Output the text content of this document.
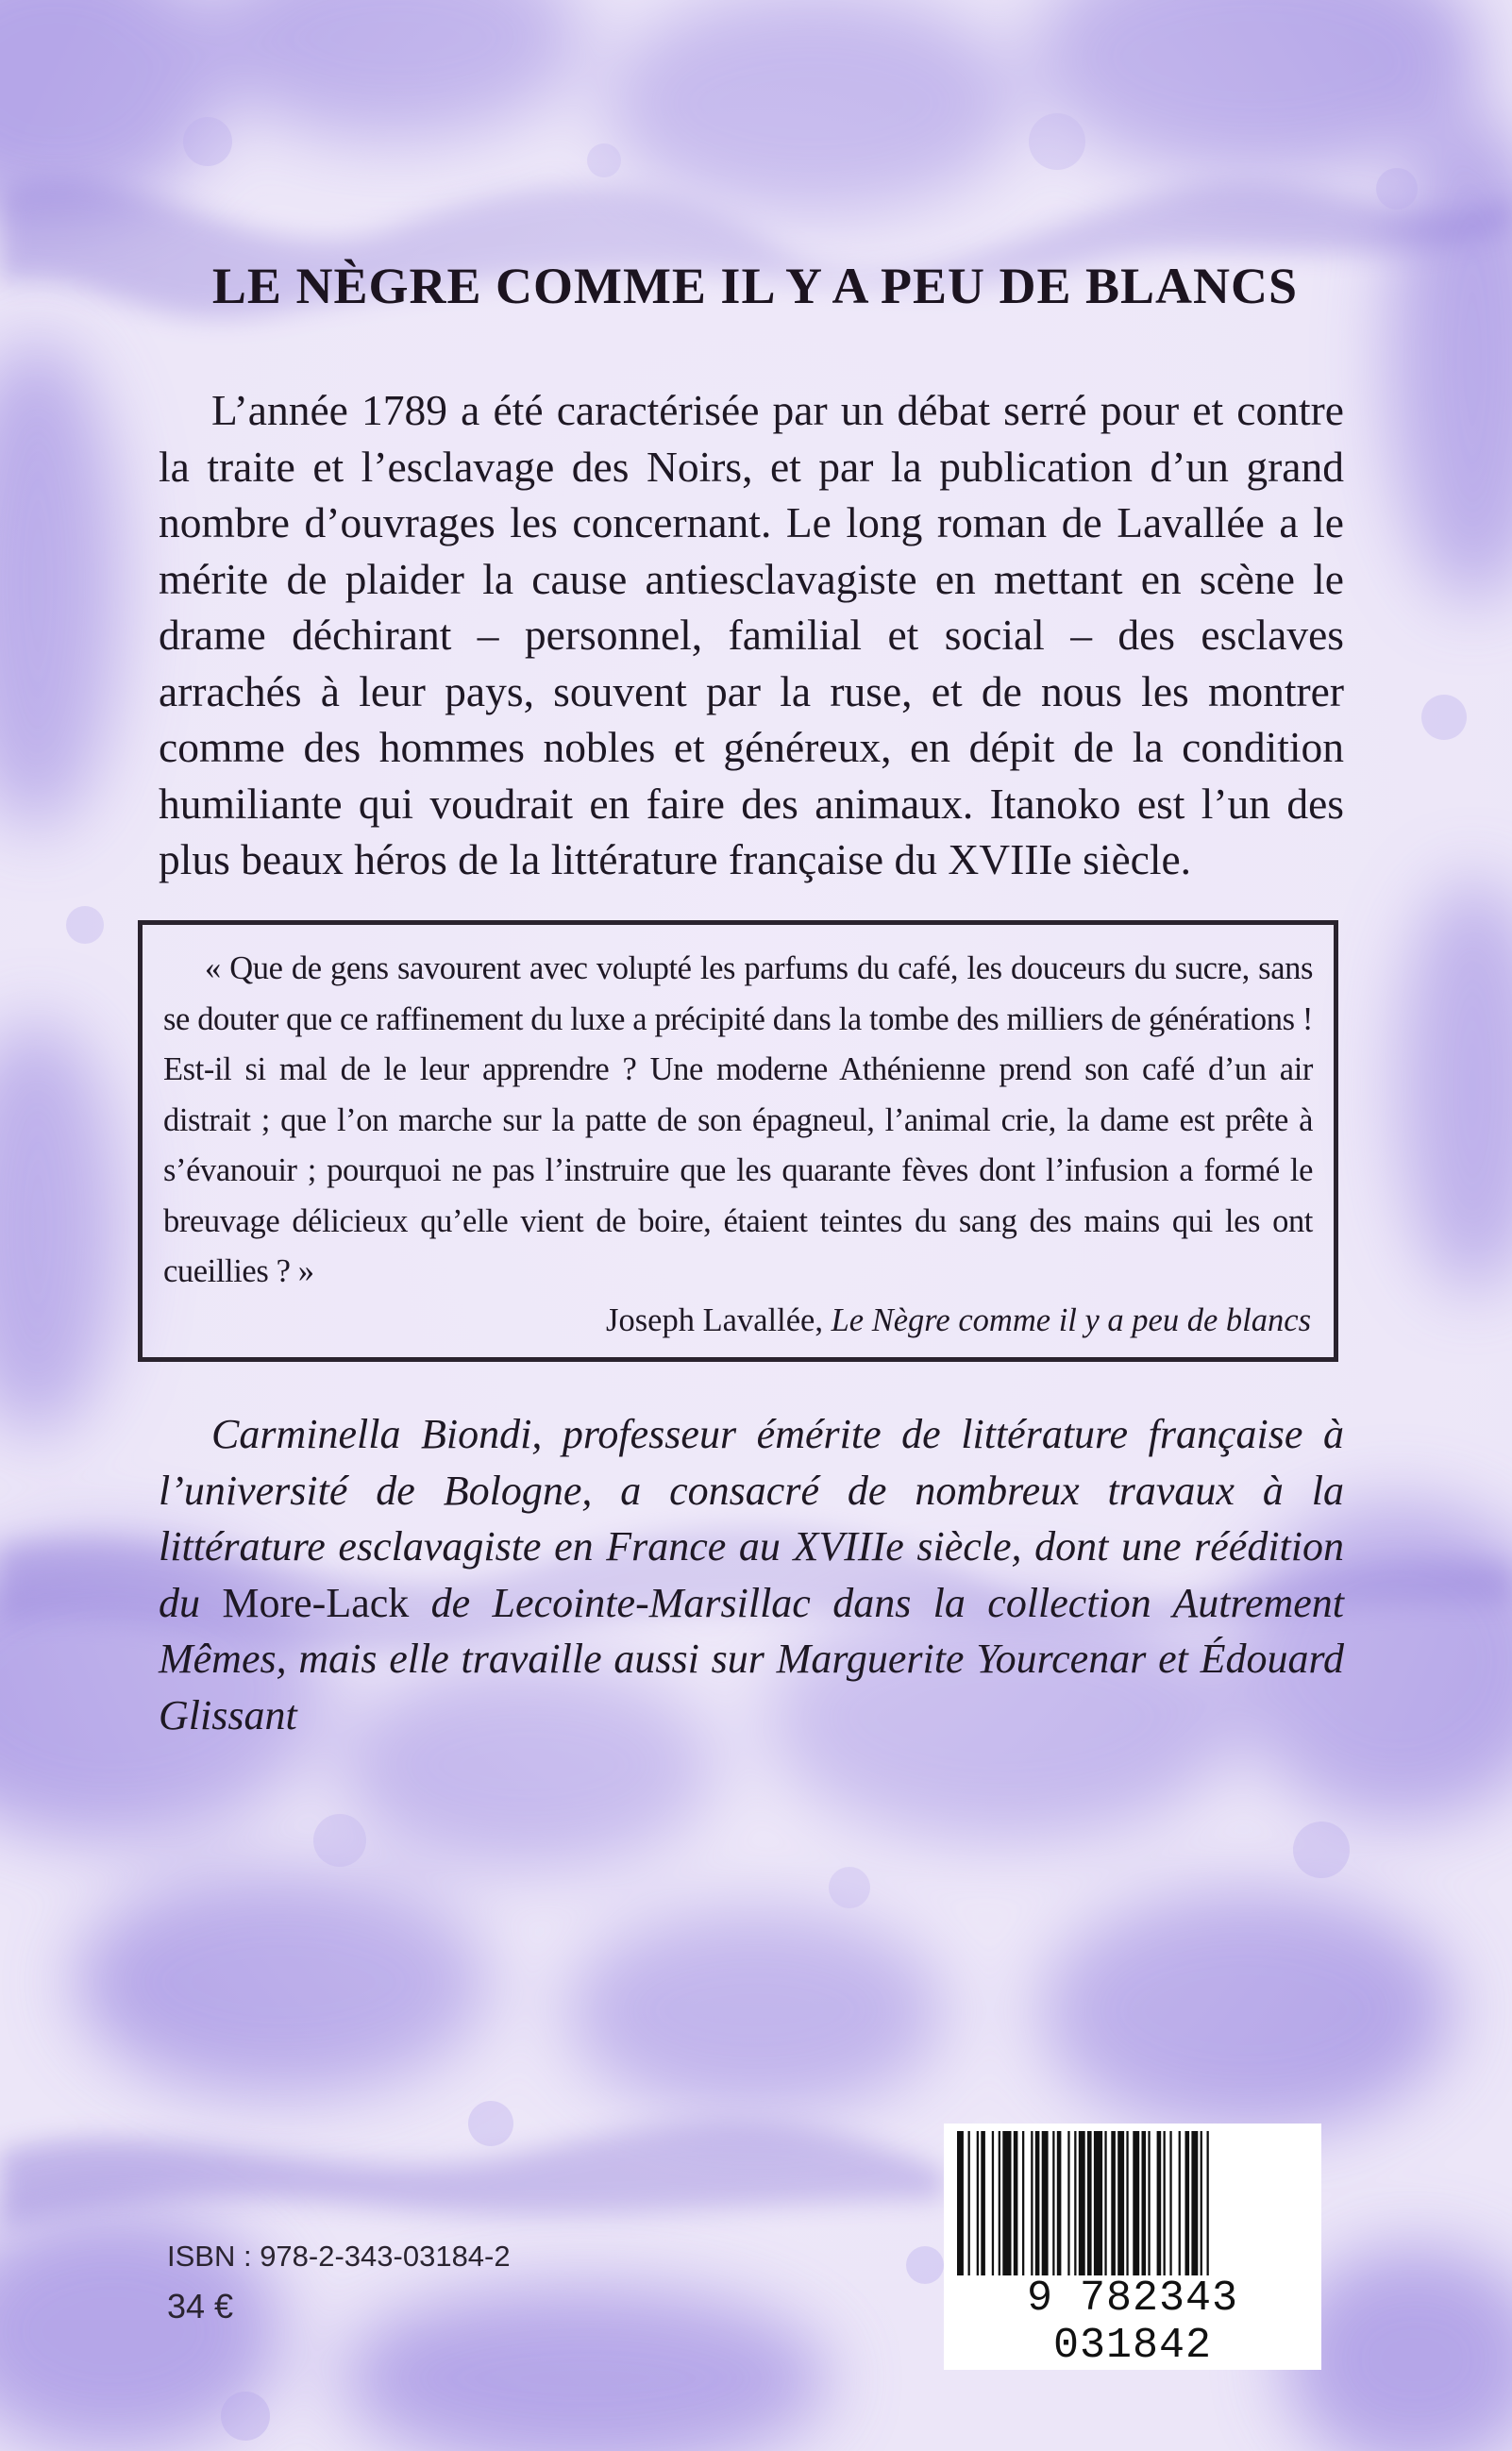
LE NÈGRE COMME IL Y A PEU DE BLANCS

L’année 1789 a été caractérisée par un débat serré pour et contre la traite et l’esclavage des Noirs, et par la publication d’un grand nombre d’ouvrages les concernant. Le long roman de Lavallée a le mérite de plaider la cause antiesclavagiste en mettant en scène le drame déchirant – personnel, familial et social – des esclaves arrachés à leur pays, souvent par la ruse, et de nous les montrer comme des hommes nobles et généreux, en dépit de la condition humiliante qui voudrait en faire des animaux. Itanoko est l’un des plus beaux héros de la littérature française du XVIIIe siècle.

« Que de gens savourent avec volupté les parfums du café, les douceurs du sucre, sans se douter que ce raffinement du luxe a précipité dans la tombe des milliers de générations ! Est-il si mal de le leur apprendre ? Une moderne Athénienne prend son café d’un air distrait ; que l’on marche sur la patte de son épagneul, l’animal crie, la dame est prête à s’évanouir ; pourquoi ne pas l’instruire que les quarante fèves dont l’infusion a formé le breuvage délicieux qu’elle vient de boire, étaient teintes du sang des mains qui les ont cueillies ? »

Joseph Lavallée, Le Nègre comme il y a peu de blancs

Carminella Biondi, professeur émérite de littérature française à l’université de Bologne, a consacré de nombreux travaux à la littérature esclavagiste en France au XVIIIe siècle, dont une réédition du More-Lack de Lecointe-Marsillac dans la collection Autrement Mêmes, mais elle travaille aussi sur Marguerite Yourcenar et Édouard Glissant

ISBN : 978-2-343-03184-2
34 €	9 782343 031842
